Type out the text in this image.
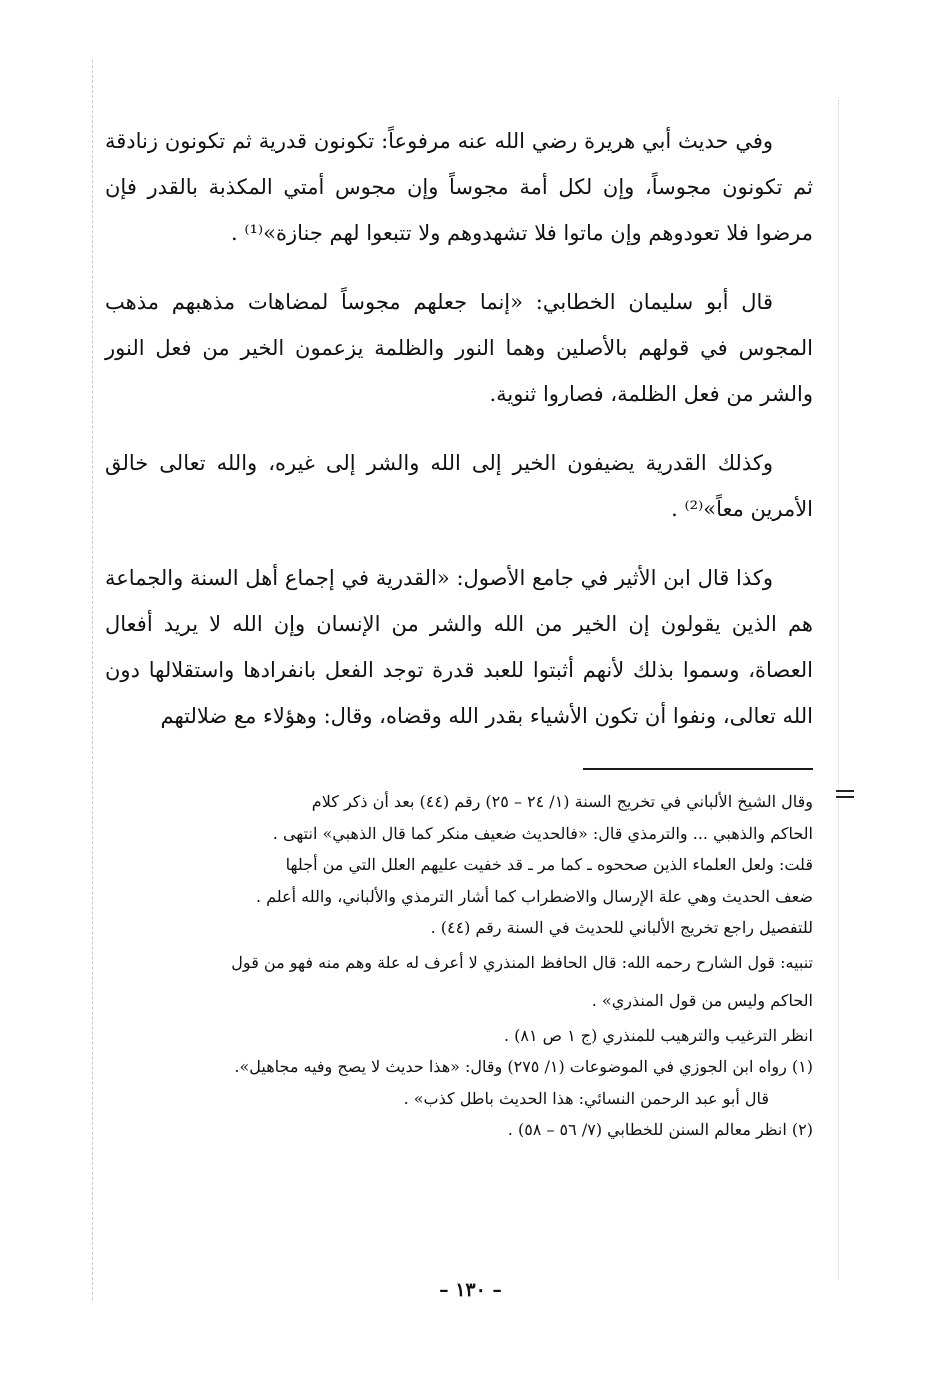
وفي حديث أبي هريرة رضي الله عنه مرفوعاً: تكونون قدرية ثم تكونون زنادقة ثم تكونون مجوساً، وإن لكل أمة مجوساً وإن مجوس أمتي المكذبة بالقدر فإن مرضوا فلا تعودوهم وإن ماتوا فلا تشهدوهم ولا تتبعوا لهم جنازة»⁽¹⁾ .

قال أبو سليمان الخطابي: «إنما جعلهم مجوساً لمضاهات مذهبهم مذهب المجوس في قولهم بالأصلين وهما النور والظلمة يزعمون الخير من فعل النور والشر من فعل الظلمة، فصاروا ثنوية.

وكذلك القدرية يضيفون الخير إلى الله والشر إلى غيره، والله تعالى خالق الأمرين معاً»⁽²⁾ .

وكذا قال ابن الأثير في جامع الأصول: «القدرية في إجماع أهل السنة والجماعة هم الذين يقولون إن الخير من الله والشر من الإنسان وإن الله لا يريد أفعال العصاة، وسموا بذلك لأنهم أثبتوا للعبد قدرة توجد الفعل بانفرادها واستقلالها دون الله تعالى، ونفوا أن تكون الأشياء بقدر الله وقضاه، وقال: وهؤلاء مع ضلالتهم

وقال الشيخ الألباني في تخريج السنة (١/ ٢٤ – ٢٥) رقم (٤٤) بعد أن ذكر كلام
الحاكم والذهبي ... والترمذي قال: «فالحديث ضعيف منكر كما قال الذهبي» انتهى .
قلت: ولعل العلماء الذين صححوه ـ كما مر ـ قد خفيت عليهم العلل التي من أجلها
ضعف الحديث وهي علة الإرسال والاضطراب كما أشار الترمذي والألباني، والله أعلم .
للتفصيل راجع تخريج الألباني للحديث في السنة رقم (٤٤) .
تنبيه: قول الشارح رحمه الله: قال الحافظ المنذري لا أعرف له علة وهم منه فهو من قول
الحاكم وليس من قول المنذري» .
انظر الترغيب والترهيب للمنذري (ج ١ ص ٨١) .
(١) رواه ابن الجوزي في الموضوعات (١/ ٢٧٥) وقال: «هذا حديث لا يصح وفيه مجاهيل».
قال أبو عبد الرحمن النسائي: هذا الحديث باطل كذب» .
(٢) انظر معالم السنن للخطابي (٧/ ٥٦ – ٥٨) .
– ١٣٠ –
